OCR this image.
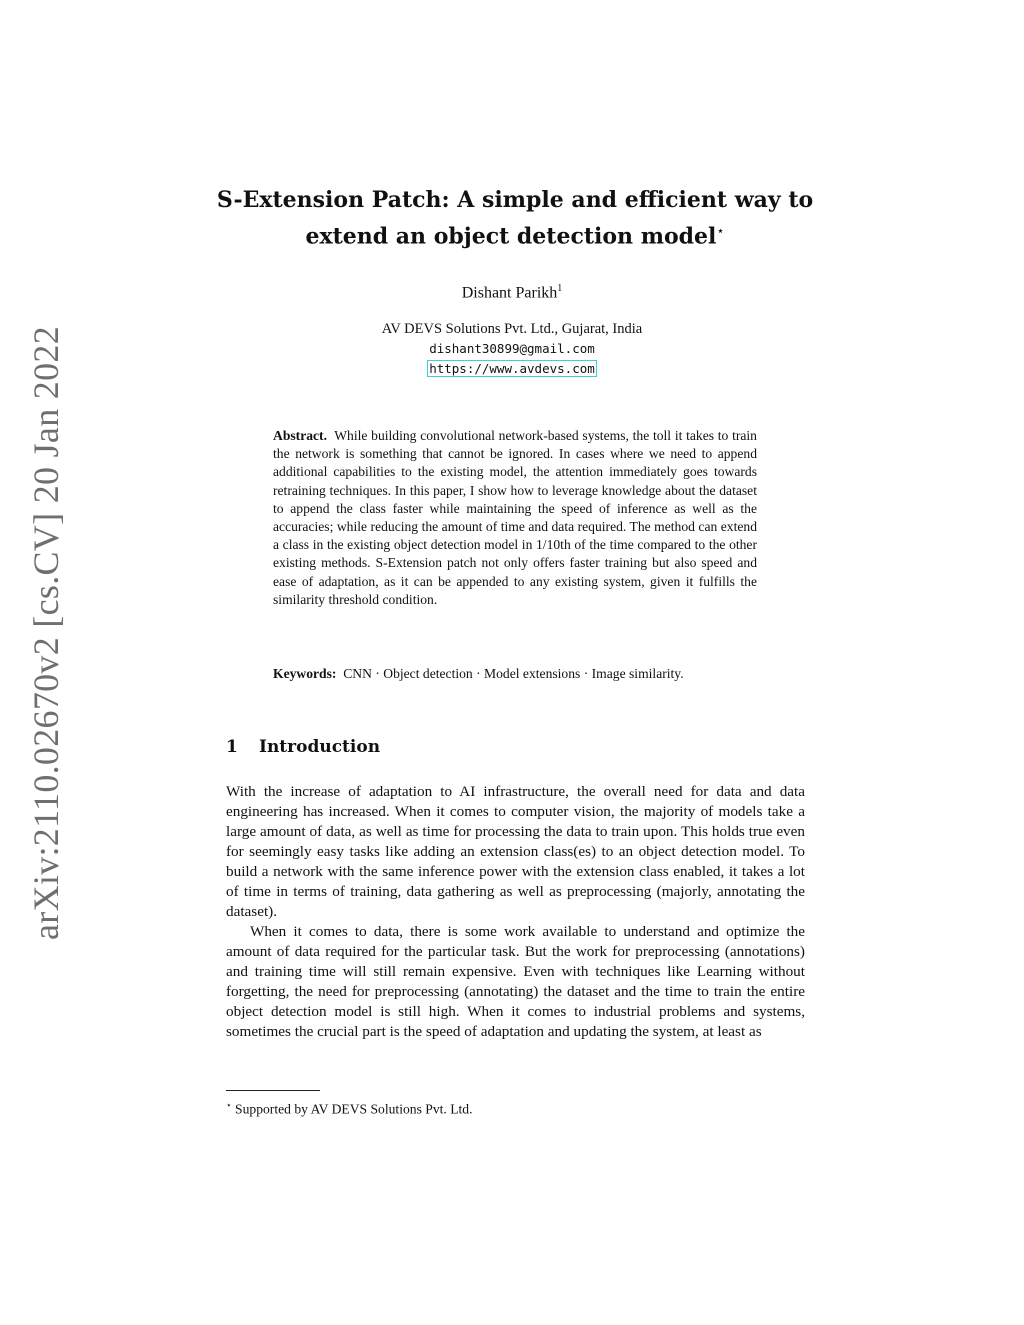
arXiv:2110.02670v2 [cs.CV] 20 Jan 2022
S-Extension Patch: A simple and efficient way to
extend an object detection model⋆
Dishant Parikh$^1$
AV DEVS Solutions Pvt. Ltd., Gujarat, India
dishant30899@gmail.com
https://www.avdevs.com

Abstract. While building convolutional network-based systems, the toll it takes to train the network is something that cannot be ignored. In cases where we need to append additional capabilities to the existing model, the attention immediately goes towards retraining techniques. In this paper, I show how to leverage knowledge about the dataset to append the class faster while maintaining the speed of inference as well as the accuracies; while reducing the amount of time and data required. The method can extend a class in the existing object detection model in 1/10th of the time compared to the other existing methods. S-Extension patch not only offers faster training but also speed and ease of adaptation, as it can be appended to any existing system, given it fulfills the similarity threshold condition.

Keywords: CNN · Object detection · Model extensions · Image similarity.

1 Introduction

With the increase of adaptation to AI infrastructure, the overall need for data and data engineering has increased. When it comes to computer vision, the majority of models take a large amount of data, as well as time for processing the data to train upon. This holds true even for seemingly easy tasks like adding an extension class(es) to an object detection model. To build a network with the same inference power with the extension class enabled, it takes a lot of time in terms of training, data gathering as well as preprocessing (majorly, annotating the dataset).

When it comes to data, there is some work available to understand and optimize the amount of data required for the particular task. But the work for preprocessing (annotations) and training time will still remain expensive. Even with techniques like Learning without forgetting, the need for preprocessing (annotating) the dataset and the time to train the entire object detection model is still high. When it comes to industrial problems and systems, sometimes the crucial part is the speed of adaptation and updating the system, at least as

⋆ Supported by AV DEVS Solutions Pvt. Ltd.
